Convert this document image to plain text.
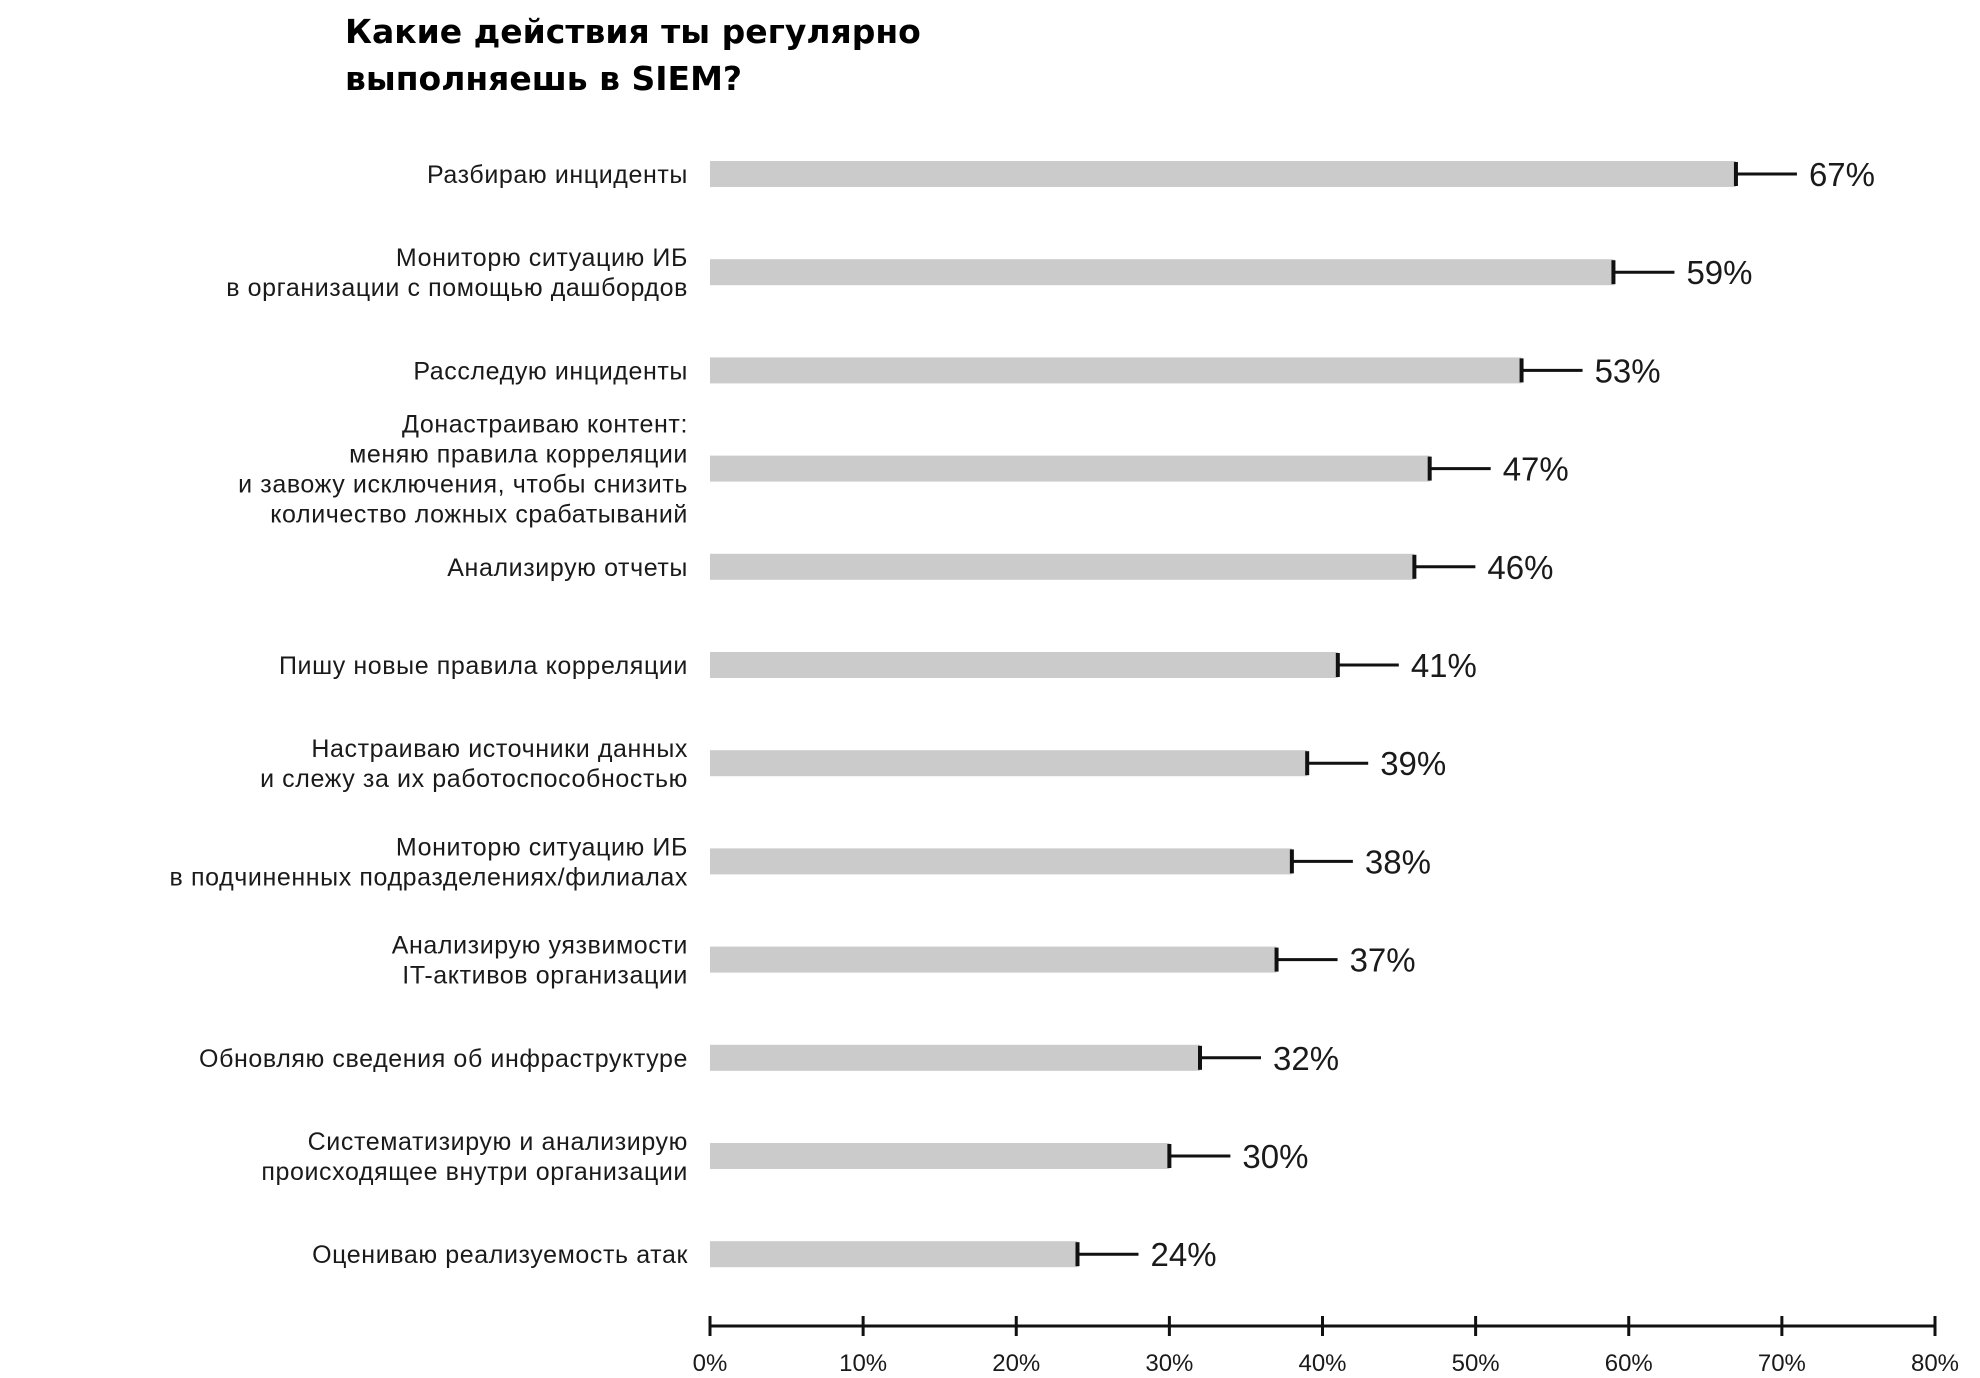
Какие действия ты регулярно
выполняешь в SIEM?
67%
Разбираю инциденты
59%
Мониторю ситуацию ИБ
в организации с помощью дашбордов
53%
Расследую инциденты
47%
Донастраиваю контент:
меняю правила корреляции
и завожу исключения, чтобы снизить
количество ложных срабатываний
46%
Анализирую отчеты
41%
Пишу новые правила корреляции
39%
Настраиваю источники данных
и слежу за их работоспособностью
38%
Мониторю ситуацию ИБ
в подчиненных подразделениях/филиалах
37%
Анализирую уязвимости
IT-активов организации
32%
Обновляю сведения об инфраструктуре
30%
Систематизирую и анализирую
происходящее внутри организации
24%
Оцениваю реализуемость атак
0%	10%	20%	30%	40%	50%	60%	70%	80%
